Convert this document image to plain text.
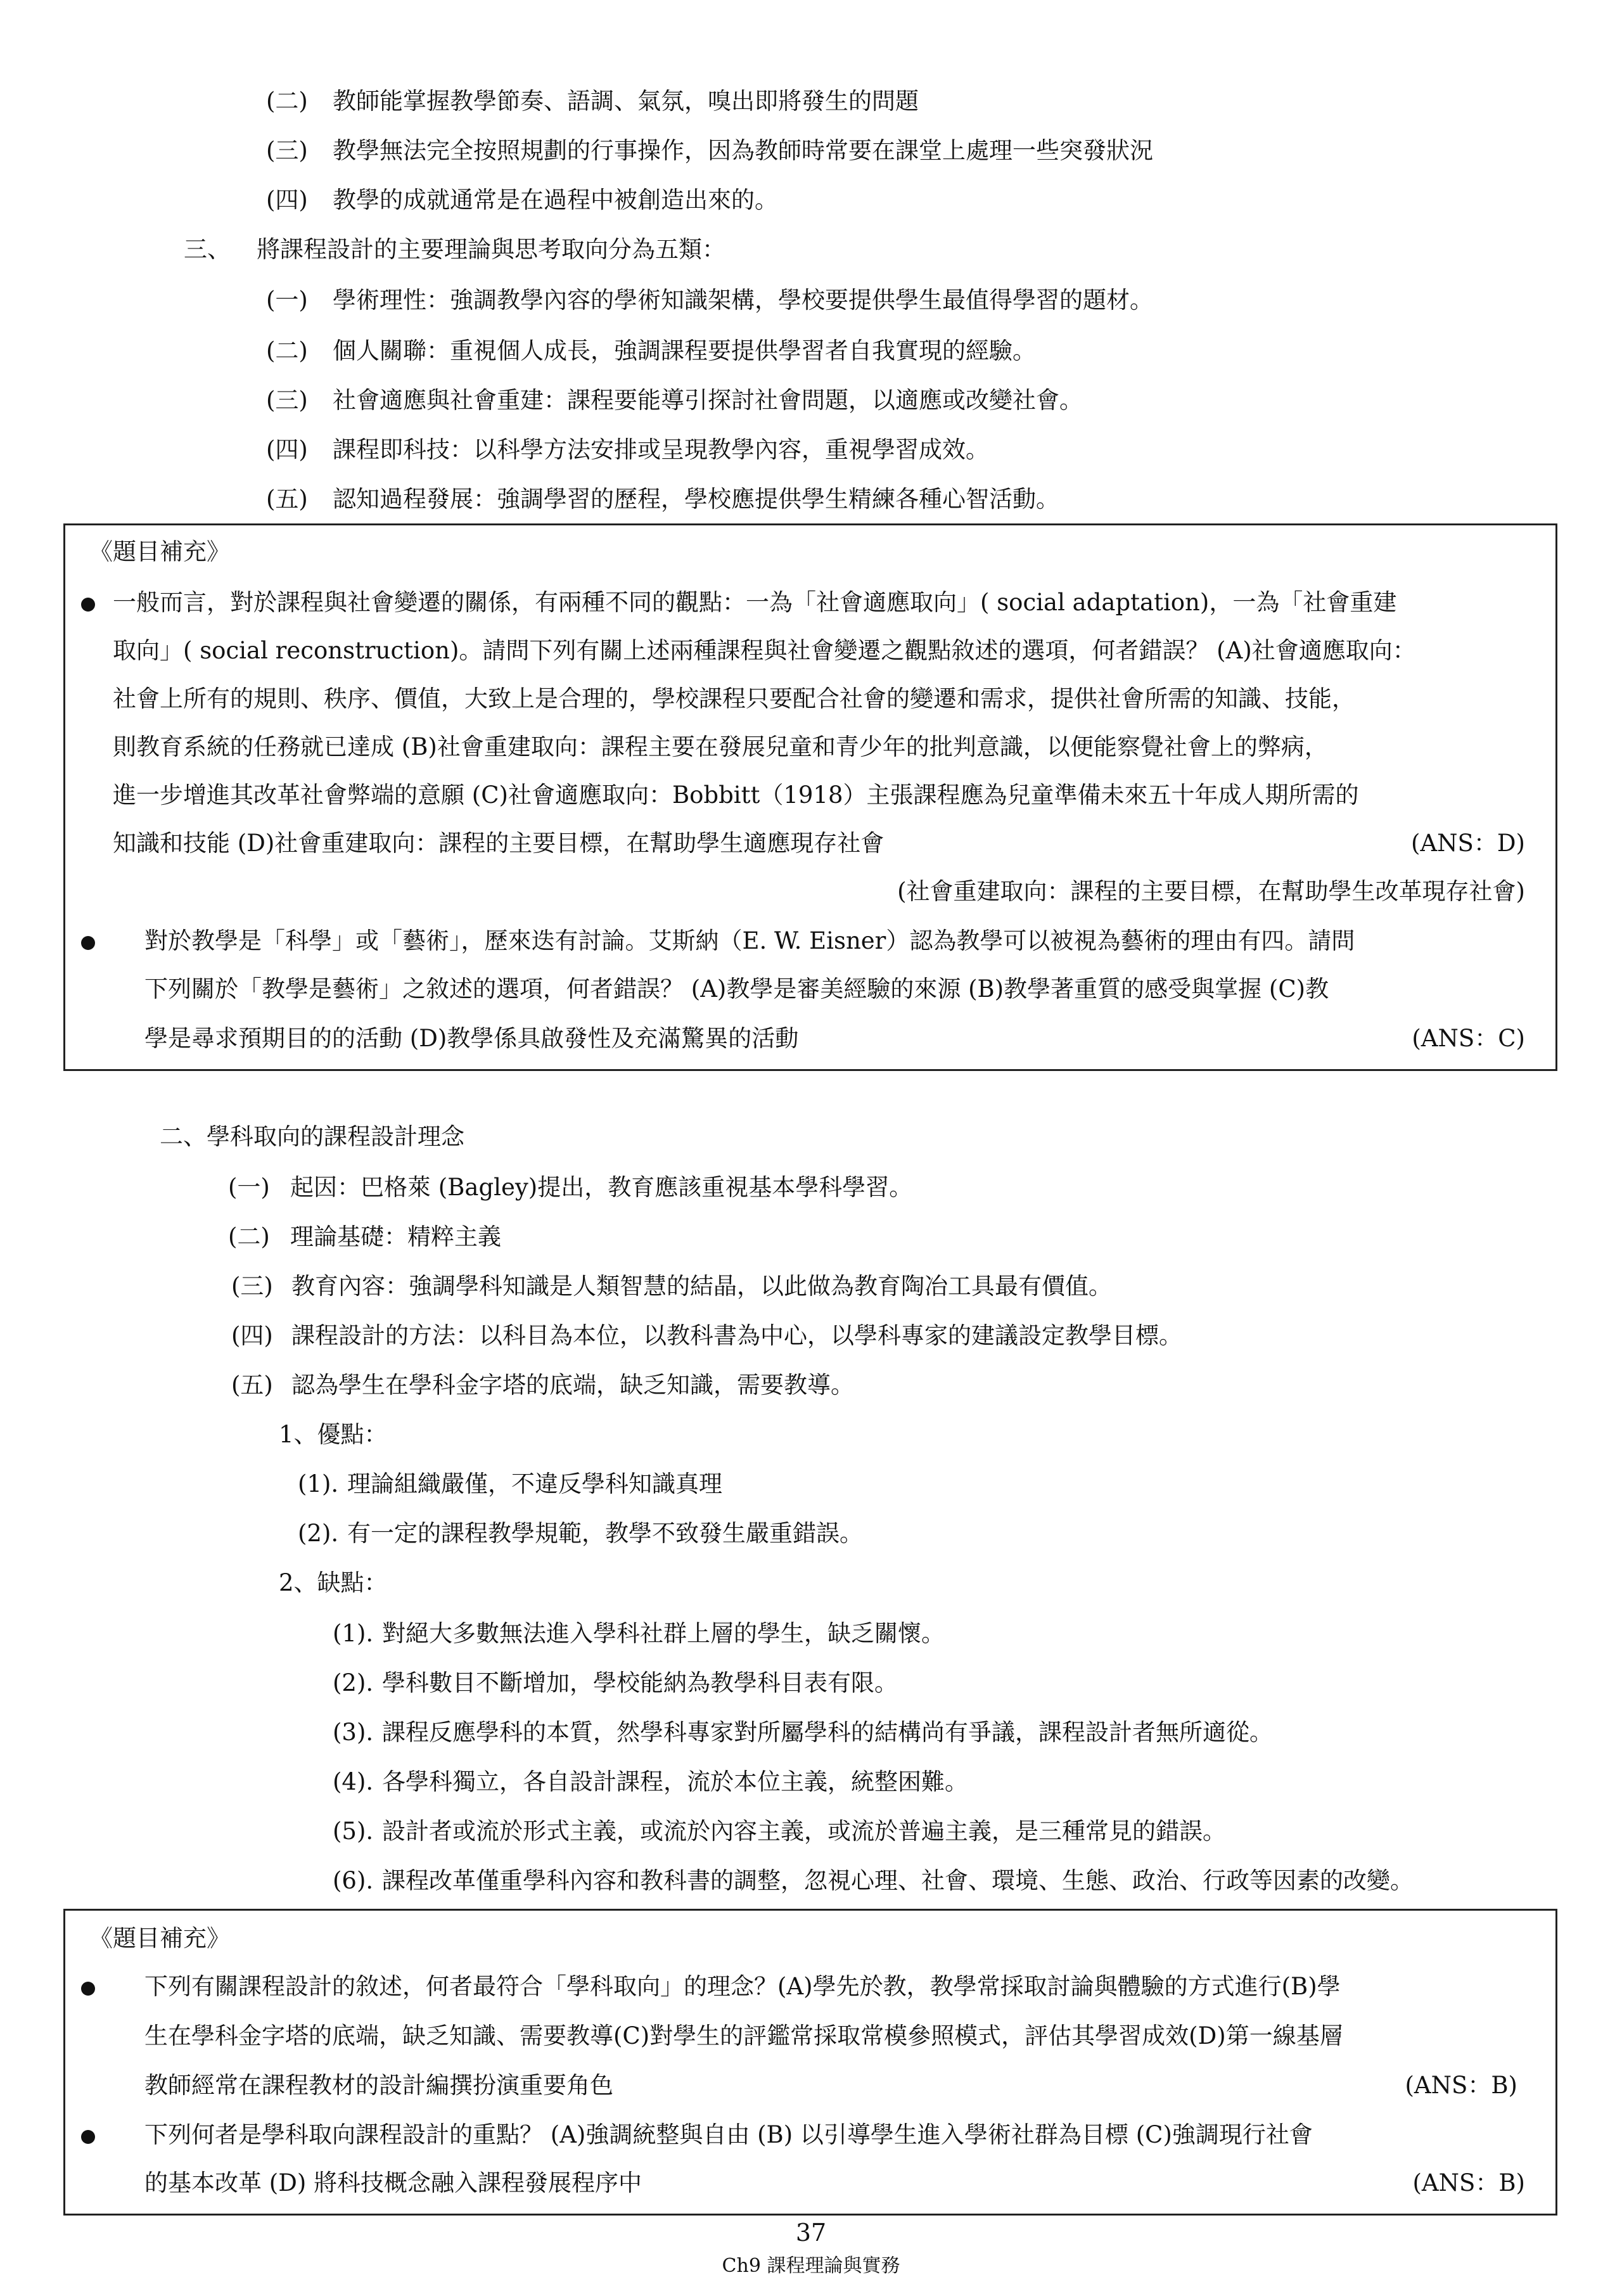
(二) 教師能掌握教學節奏、語調、氣氛，嗅出即將發生的問題
(三) 教學無法完全按照規劃的行事操作，因為教師時常要在課堂上處理一些突發狀況
(四) 教學的成就通常是在過程中被創造出來的。
三、 將課程設計的主要理論與思考取向分為五類：
(一) 學術理性：強調教學內容的學術知識架構，學校要提供學生最值得學習的題材。
(二) 個人關聯：重視個人成長，強調課程要提供學習者自我實現的經驗。
(三) 社會適應與社會重建：課程要能導引探討社會問題，以適應或改變社會。
(四) 課程即科技：以科學方法安排或呈現教學內容，重視學習成效。
(五) 認知過程發展：強調學習的歷程，學校應提供學生精練各種心智活動。
《題目補充》
一般而言，對於課程與社會變遷的關係，有兩種不同的觀點：一為「社會適應取向」( social adaptation)，一為「社會重建
取向」( social reconstruction)。請問下列有關上述兩種課程與社會變遷之觀點敘述的選項，何者錯誤？ (A)社會適應取向：
社會上所有的規則、秩序、價值，大致上是合理的，學校課程只要配合社會的變遷和需求，提供社會所需的知識、技能，
則教育系統的任務就已達成 (B)社會重建取向：課程主要在發展兒童和青少年的批判意識，以便能察覺社會上的弊病，
進一步增進其改革社會弊端的意願 (C)社會適應取向：Bobbitt（1918）主張課程應為兒童準備未來五十年成人期所需的
知識和技能 (D)社會重建取向：課程的主要目標，在幫助學生適應現存社會	(ANS：D)
(社會重建取向：課程的主要目標，在幫助學生改革現存社會)
對於教學是「科學」或「藝術」，歷來迭有討論。艾斯納（E. W. Eisner）認為教學可以被視為藝術的理由有四。請問
下列關於「教學是藝術」之敘述的選項，何者錯誤？ (A)教學是審美經驗的來源 (B)教學著重質的感受與掌握 (C)教
學是尋求預期目的的活動 (D)教學係具啟發性及充滿驚異的活動	(ANS：C)
二、學科取向的課程設計理念
(一) 起因：巴格萊 (Bagley)提出，教育應該重視基本學科學習。
(二) 理論基礎：精粹主義
(三) 教育內容：強調學科知識是人類智慧的結晶，以此做為教育陶冶工具最有價值。
(四) 課程設計的方法：以科目為本位，以教科書為中心，以學科專家的建議設定教學目標。
(五) 認為學生在學科金字塔的底端，缺乏知識，需要教導。
1、優點：
(1). 理論組織嚴僅，不違反學科知識真理
(2). 有一定的課程教學規範，教學不致發生嚴重錯誤。
2、缺點：
(1). 對絕大多數無法進入學科社群上層的學生，缺乏關懷。
(2). 學科數目不斷增加，學校能納為教學科目表有限。
(3). 課程反應學科的本質，然學科專家對所屬學科的結構尚有爭議，課程設計者無所適從。
(4). 各學科獨立，各自設計課程，流於本位主義，統整困難。
(5). 設計者或流於形式主義，或流於內容主義，或流於普遍主義，是三種常見的錯誤。
(6). 課程改革僅重學科內容和教科書的調整，忽視心理、社會、環境、生態、政治、行政等因素的改變。
《題目補充》
下列有關課程設計的敘述，何者最符合「學科取向」的理念？(A)學先於教，教學常採取討論與體驗的方式進行(B)學
生在學科金字塔的底端，缺乏知識、需要教導(C)對學生的評鑑常採取常模參照模式，評估其學習成效(D)第一線基層
教師經常在課程教材的設計編撰扮演重要角色	(ANS：B)
下列何者是學科取向課程設計的重點？ (A)強調統整與自由 (B) 以引導學生進入學術社群為目標 (C)強調現行社會
的基本改革 (D) 將科技概念融入課程發展程序中	(ANS：B)
37
Ch9 課程理論與實務
